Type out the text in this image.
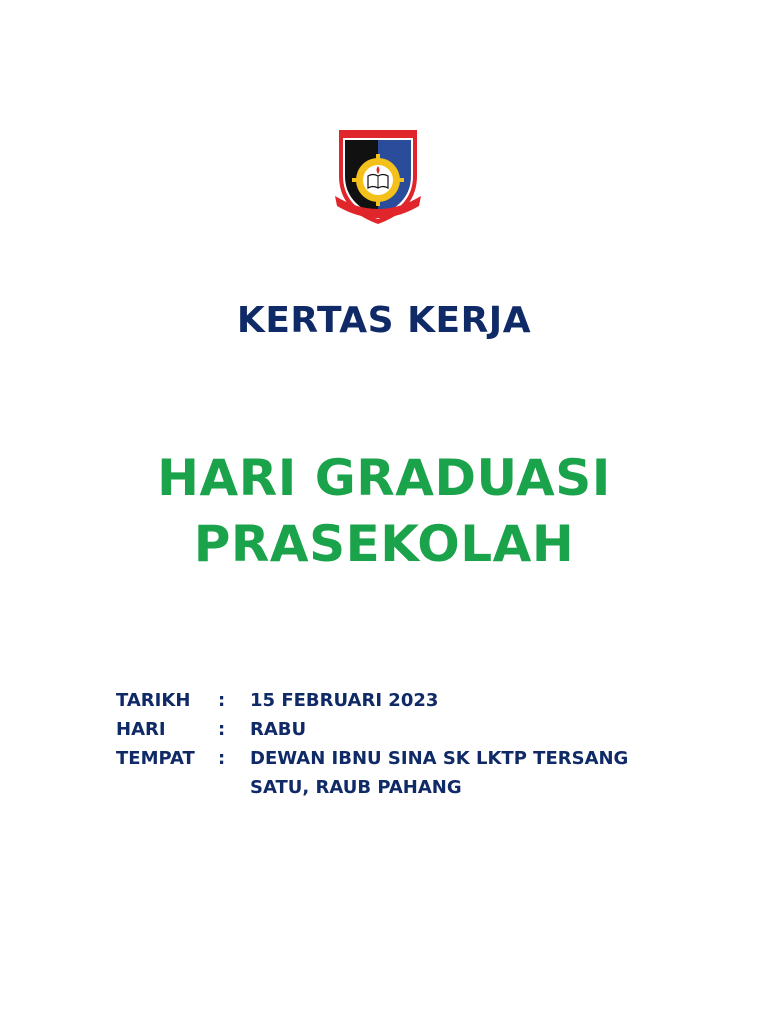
KERTAS KERJA
HARI GRADUASI
PRASEKOLAH
TARIKH	:	15 FEBRUARI 2023
HARI	:	RABU
TEMPAT	:	DEWAN IBNU SINA SK LKTP TERSANG
SATU, RAUB PAHANG
